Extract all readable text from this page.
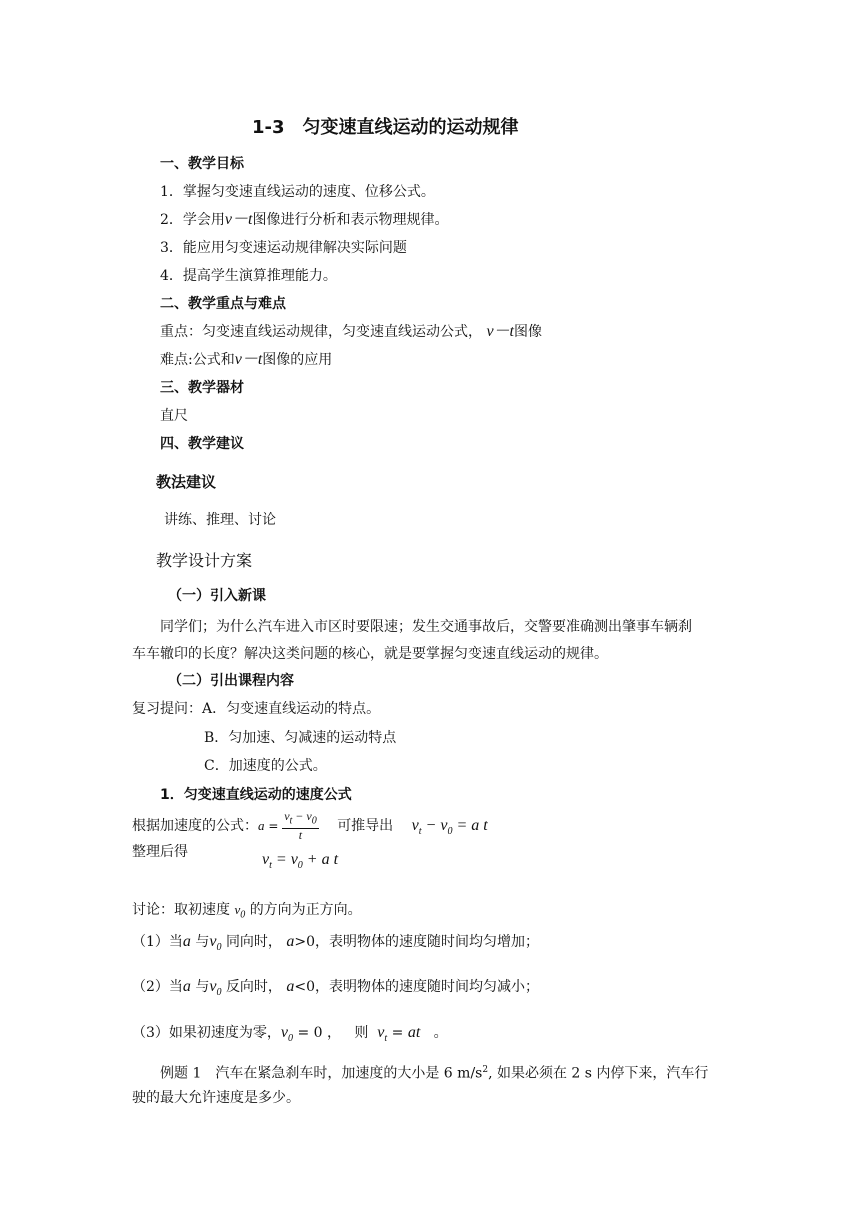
1-3　匀变速直线运动的运动规律
一、教学目标
1．掌握匀变速直线运动的速度、位移公式。
2．学会用v－t图像进行分析和表示物理规律。
3．能应用匀变速运动规律解决实际问题
4．提高学生演算推理能力。
二、教学重点与难点
重点：匀变速直线运动规律，匀变速直线运动公式， v－t图像
难点:公式和v－t图像的应用
三、教学器材
直尺
四、教学建议
教法建议
讲练、推理、讨论
教学设计方案
（一）引入新课
同学们；为什么汽车进入市区时要限速；发生交通事故后，交警要准确测出肇事车辆刹
车车辙印的长度？解决这类问题的核心，就是要掌握匀变速直线运动的规律。
（二）引出课程内容
复习提问：A．匀变速直线运动的特点。
B．匀加速、匀减速的运动特点
C．加速度的公式。
1．匀变速直线运动的速度公式
根据加速度的公式：$a = \frac{v_t - v_0}{t}$ 可推导出 $v_t - v_0 = a$ t
整理后得	$v_t = v_0 + a$ t
讨论：取初速度 $v_0$ 的方向为正方向。
（1）当a 与$v_0$ 同向时， a>0，表明物体的速度随时间均匀增加；
（2）当a 与$v_0$ 反向时， a<0，表明物体的速度随时间均匀减小；
（3）如果初速度为零，$v_0 = 0$ ， 则 $v_t$ = at 。
例题 1　汽车在紧急刹车时，加速度的大小是 6 $m/s^2$, 如果必须在 2 s 内停下来，汽车行
驶的最大允许速度是多少。
